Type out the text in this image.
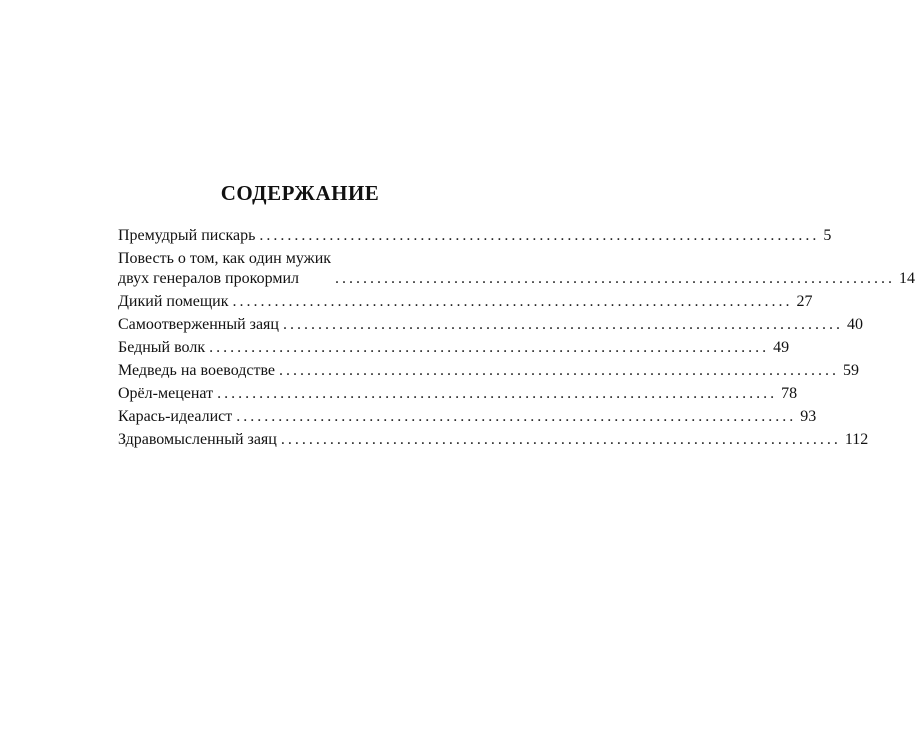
СОДЕРЖАНИЕ
Премудрый пискарь ................................................................................ 5
Повесть о том, как один мужик
двух генералов прокормил	................................................................................ 14
Дикий помещик ................................................................................ 27
Самоотверженный заяц ................................................................................ 40
Бедный волк ................................................................................ 49
Медведь на воеводстве ................................................................................ 59
Орёл-меценат ................................................................................ 78
Карась-идеалист ................................................................................ 93
Здравомысленный заяц ................................................................................ 112
